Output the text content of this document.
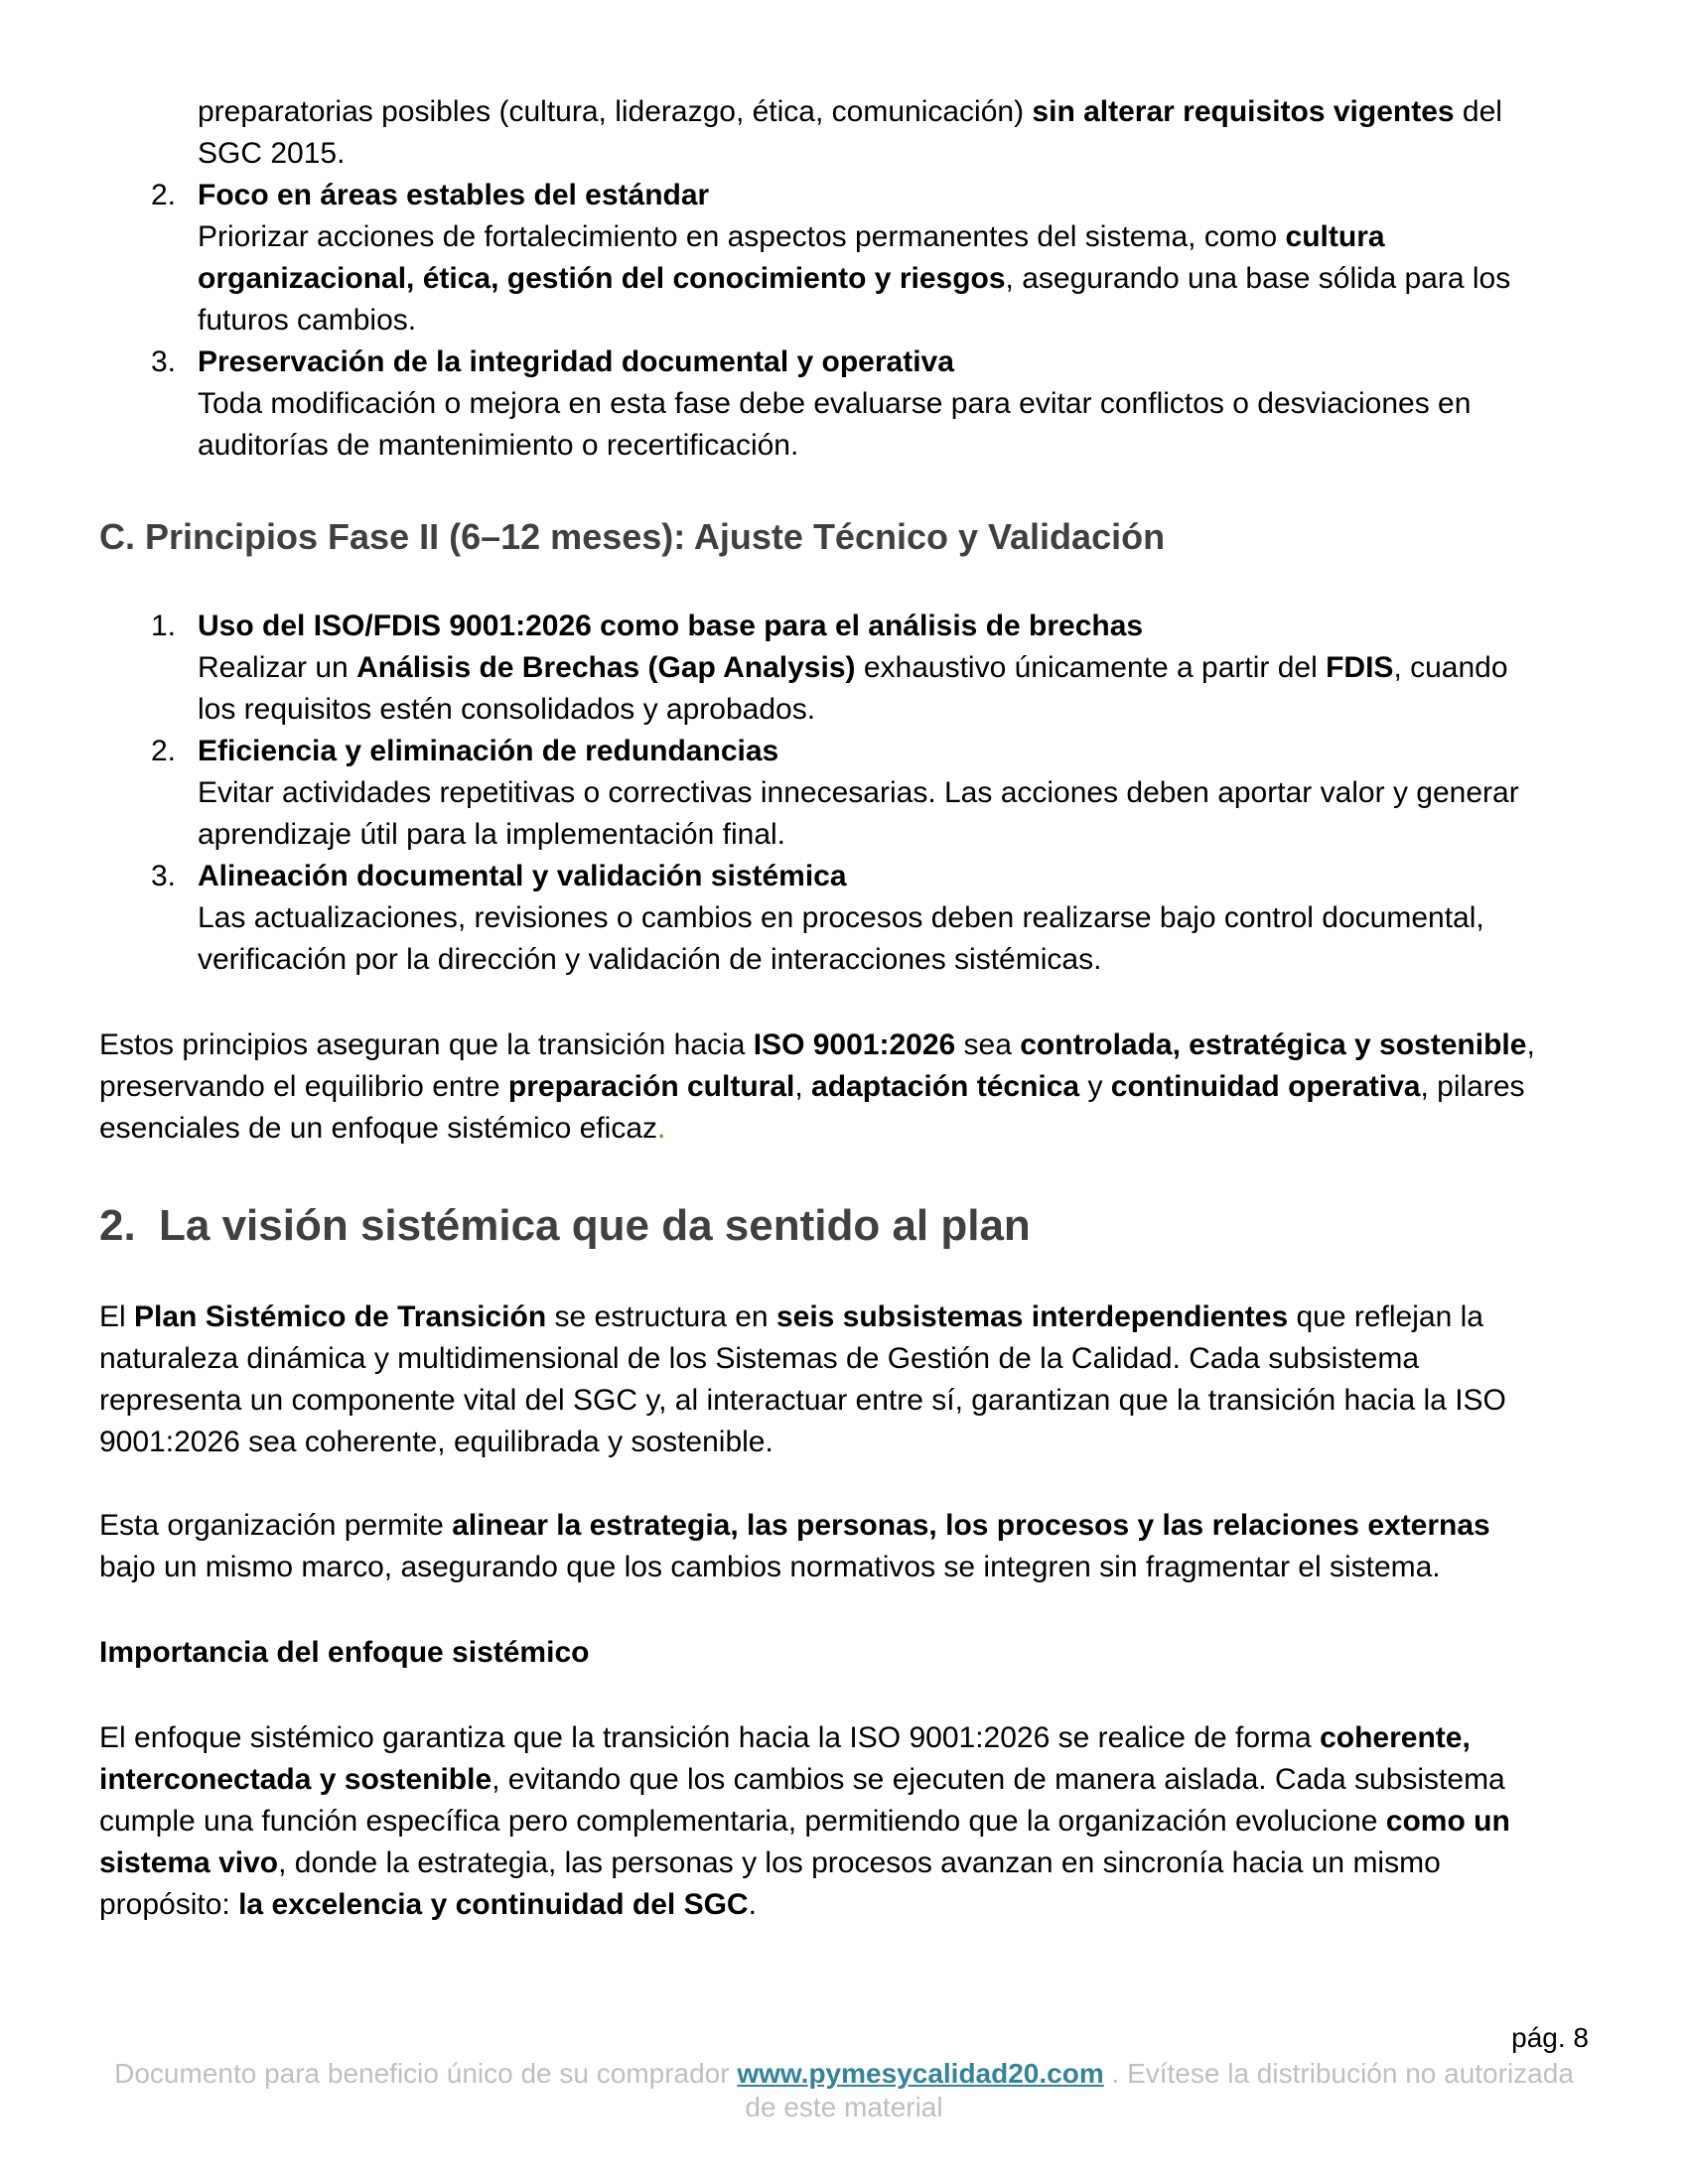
preparatorias posibles (cultura, liderazgo, ética, comunicación) sin alterar requisitos vigentes del SGC 2015.
2. Foco en áreas estables del estándar
Priorizar acciones de fortalecimiento en aspectos permanentes del sistema, como cultura organizacional, ética, gestión del conocimiento y riesgos, asegurando una base sólida para los futuros cambios.
3. Preservación de la integridad documental y operativa
Toda modificación o mejora en esta fase debe evaluarse para evitar conflictos o desviaciones en auditorías de mantenimiento o recertificación.
C. Principios Fase II (6–12 meses): Ajuste Técnico y Validación
1. Uso del ISO/FDIS 9001:2026 como base para el análisis de brechas
Realizar un Análisis de Brechas (Gap Analysis) exhaustivo únicamente a partir del FDIS, cuando los requisitos estén consolidados y aprobados.
2. Eficiencia y eliminación de redundancias
Evitar actividades repetitivas o correctivas innecesarias. Las acciones deben aportar valor y generar aprendizaje útil para la implementación final.
3. Alineación documental y validación sistémica
Las actualizaciones, revisiones o cambios en procesos deben realizarse bajo control documental, verificación por la dirección y validación de interacciones sistémicas.
Estos principios aseguran que la transición hacia ISO 9001:2026 sea controlada, estratégica y sostenible, preservando el equilibrio entre preparación cultural, adaptación técnica y continuidad operativa, pilares esenciales de un enfoque sistémico eficaz.
2. La visión sistémica que da sentido al plan
El Plan Sistémico de Transición se estructura en seis subsistemas interdependientes que reflejan la naturaleza dinámica y multidimensional de los Sistemas de Gestión de la Calidad. Cada subsistema representa un componente vital del SGC y, al interactuar entre sí, garantizan que la transición hacia la ISO 9001:2026 sea coherente, equilibrada y sostenible.
Esta organización permite alinear la estrategia, las personas, los procesos y las relaciones externas bajo un mismo marco, asegurando que los cambios normativos se integren sin fragmentar el sistema.
Importancia del enfoque sistémico
El enfoque sistémico garantiza que la transición hacia la ISO 9001:2026 se realice de forma coherente, interconectada y sostenible, evitando que los cambios se ejecuten de manera aislada. Cada subsistema cumple una función específica pero complementaria, permitiendo que la organización evolucione como un sistema vivo, donde la estrategia, las personas y los procesos avanzan en sincronía hacia un mismo propósito: la excelencia y continuidad del SGC.
pág. 8
Documento para beneficio único de su comprador www.pymesycalidad20.com . Evítese la distribución no autorizada de este material
